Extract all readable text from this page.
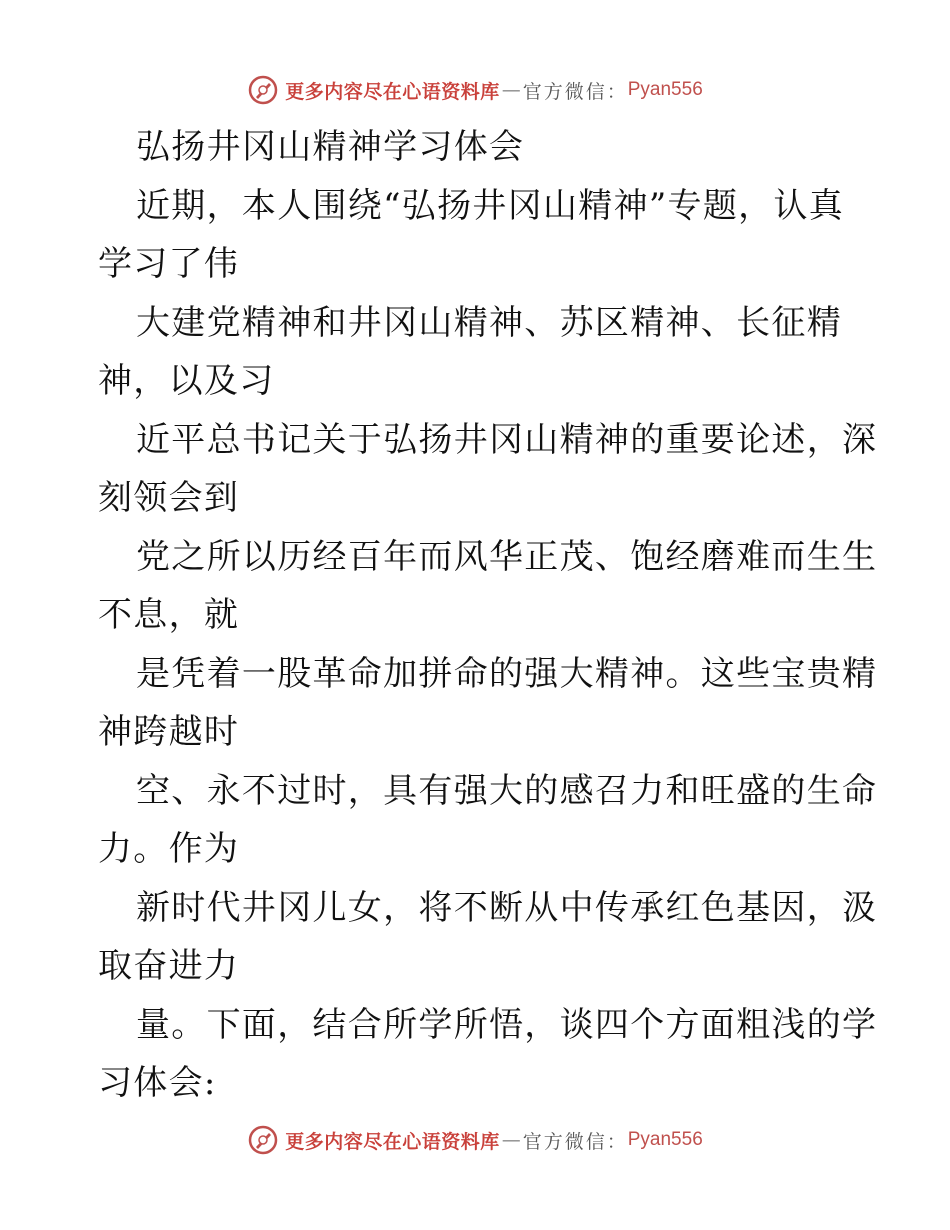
更多内容尽在心语资料库 — 官方微信： Pyan556
弘扬井冈山精神学习体会
近期，本人围绕“弘扬井冈山精神”专题，认真
学习了伟
大建党精神和井冈山精神、苏区精神、长征精
神，以及习
近平总书记关于弘扬井冈山精神的重要论述，深
刻领会到
党之所以历经百年而风华正茂、饱经磨难而生生
不息，就
是凭着一股革命加拼命的强大精神。这些宝贵精
神跨越时
空、永不过时，具有强大的感召力和旺盛的生命
力。作为
新时代井冈儿女，将不断从中传承红色基因，汲
取奋进力
量。下面，结合所学所悟，谈四个方面粗浅的学
习体会:
更多内容尽在心语资料库 — 官方微信： Pyan556
